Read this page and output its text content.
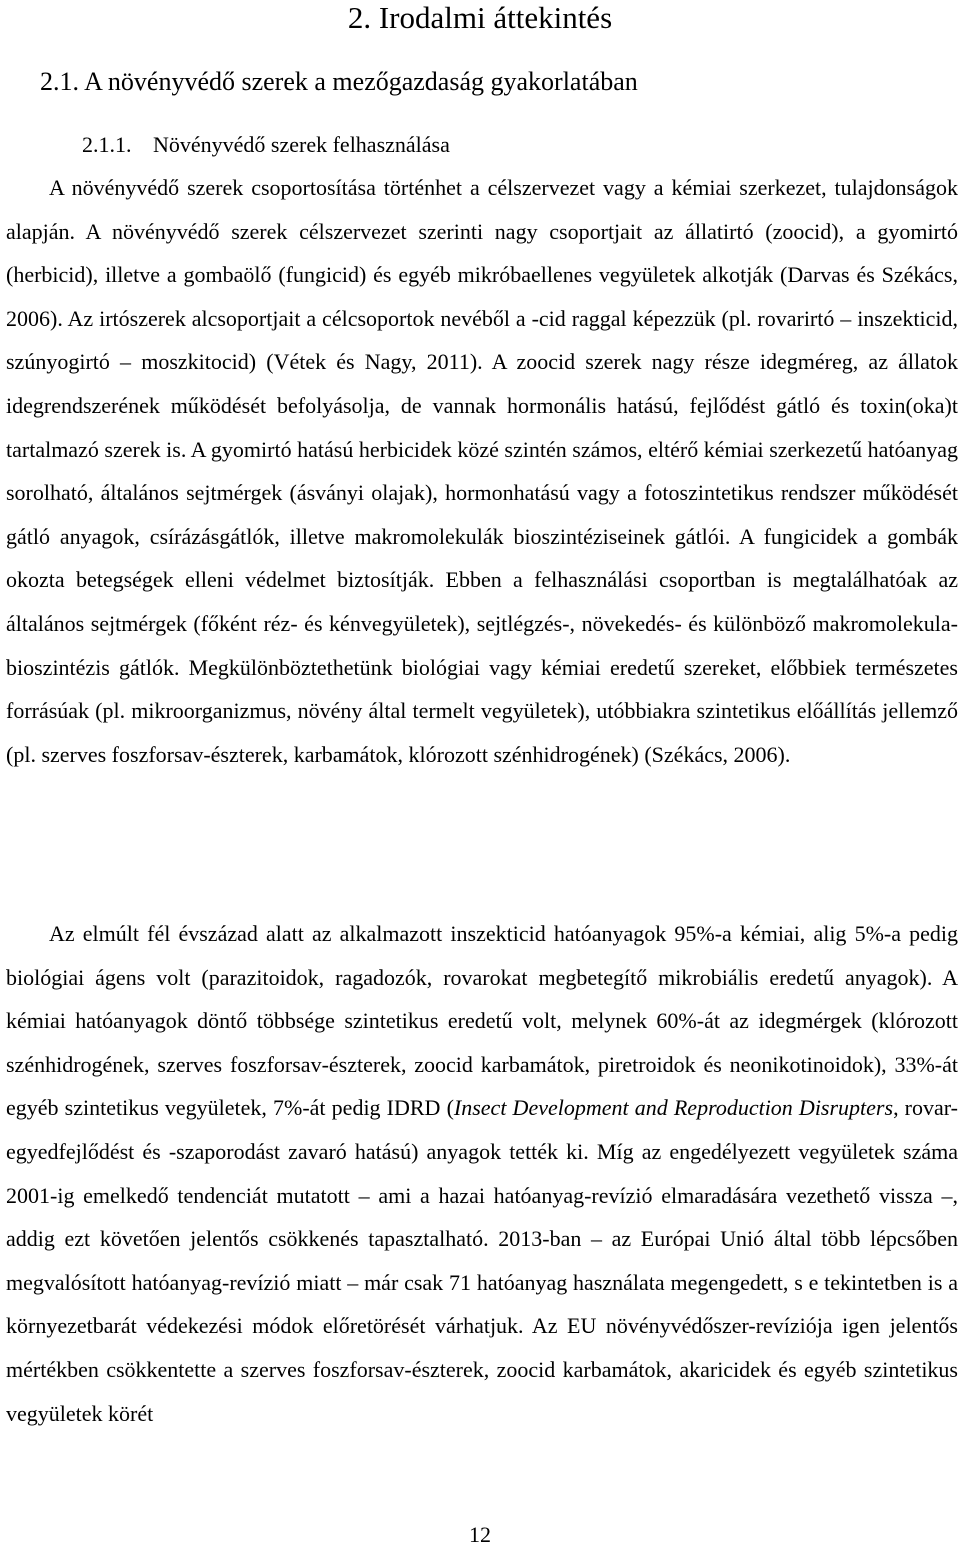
2. Irodalmi áttekintés
2.1. A növényvédő szerek a mezőgazdaság gyakorlatában
2.1.1. Növényvédő szerek felhasználása

A növényvédő szerek csoportosítása történhet a célszervezet vagy a kémiai szerkezet, tulajdonságok alapján. A növényvédő szerek célszervezet szerinti nagy csoportjait az állatirtó (zoocid), a gyomirtó (herbicid), illetve a gombaölő (fungicid) és egyéb mikróbaellenes vegyületek alkotják (Darvas és Székács, 2006). Az irtószerek alcsoportjait a célcsoportok nevéből a -cid raggal képezzük (pl. rovarirtó – inszekticid, szúnyogirtó – moszkitocid) (Vétek és Nagy, 2011). A zoocid szerek nagy része idegméreg, az állatok idegrendszerének működését befolyásolja, de vannak hormonális hatású, fejlődést gátló és toxin(oka)t tartalmazó szerek is. A gyomirtó hatású herbicidek közé szintén számos, eltérő kémiai szerkezetű hatóanyag sorolható, általános sejtmérgek (ásványi olajak), hormonhatású vagy a fotoszintetikus rendszer működését gátló anyagok, csírázásgátlók, illetve makromolekulák bioszintéziseinek gátlói. A fungicidek a gombák okozta betegségek elleni védelmet biztosítják. Ebben a felhasználási csoportban is megtalálhatóak az általános sejtmérgek (főként réz- és kénvegyületek), sejtlégzés-, növekedés- és különböző makromolekula-bioszintézis gátlók. Megkülönböztethetünk biológiai vagy kémiai eredetű szereket, előbbiek természetes forrásúak (pl. mikroorganizmus, növény által termelt vegyületek), utóbbiakra szintetikus előállítás jellemző (pl. szerves foszforsav-észterek, karbamátok, klórozott szénhidrogének) (Székács, 2006).

Az elmúlt fél évszázad alatt az alkalmazott inszekticid hatóanyagok 95%-a kémiai, alig 5%-a pedig biológiai ágens volt (parazitoidok, ragadozók, rovarokat megbetegítő mikrobiális eredetű anyagok). A kémiai hatóanyagok döntő többsége szintetikus eredetű volt, melynek 60%-át az idegmérgek (klórozott szénhidrogének, szerves foszforsav-észterek, zoocid karbamátok, piretroidok és neonikotinoidok), 33%-át egyéb szintetikus vegyületek, 7%-át pedig IDRD (Insect Development and Reproduction Disrupters, rovar-egyedfejlődést és -szaporodást zavaró hatású) anyagok tették ki. Míg az engedélyezett vegyületek száma 2001-ig emelkedő tendenciát mutatott – ami a hazai hatóanyag-revízió elmaradására vezethető vissza –, addig ezt követően jelentős csökkenés tapasztalható. 2013-ban – az Európai Unió által több lépcsőben megvalósított hatóanyag-revízió miatt – már csak 71 hatóanyag használata megengedett, s e tekintetben is a környezetbarát védekezési módok előretörését várhatjuk. Az EU növényvédőszer-revíziója igen jelentős mértékben csökkentette a szerves foszforsav-észterek, zoocid karbamátok, akaricidek és egyéb szintetikus vegyületek körét

12
